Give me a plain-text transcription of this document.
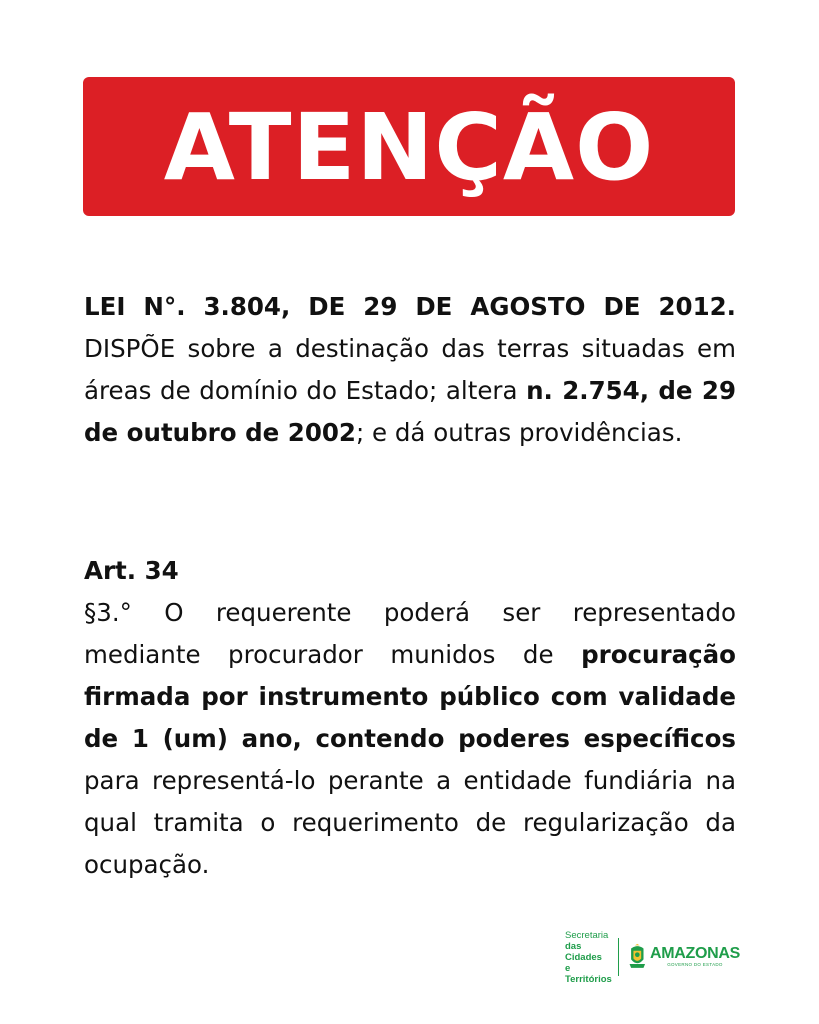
ATENÇÃO

LEI N°. 3.804, DE 29 DE AGOSTO DE 2012. DISPÕE sobre a destinação das terras situadas em áreas de domínio do Estado; altera n. 2.754, de 29 de outubro de 2002; e dá outras providências.

Art. 34

§3.° O requerente poderá ser representado mediante procurador munidos de procuração firmada por instrumento público com validade de 1 (um) ano, contendo poderes específicos para representá-lo perante a entidade fundiária na qual tramita o requerimento de regularização da ocupação.

Secretaria
das Cidades
e Territórios
AMAZONAS
GOVERNO DO ESTADO
